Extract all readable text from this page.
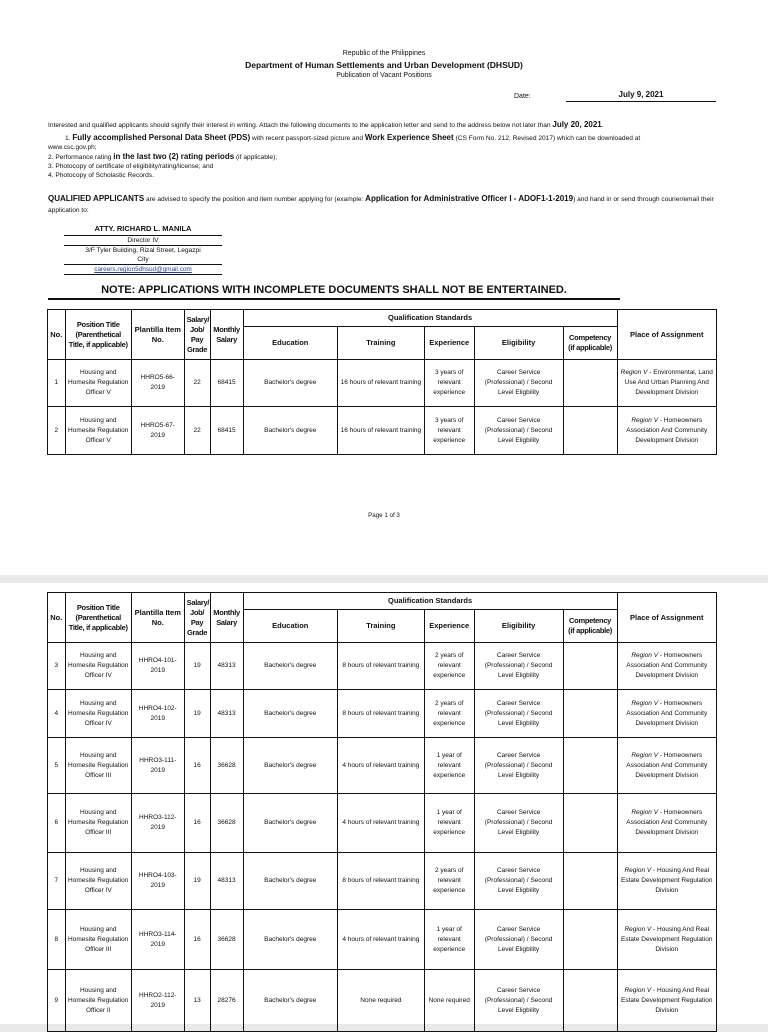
Republic of the Philippines
Department of Human Settlements and Urban Development (DHSUD)
Publication of Vacant Positions
Date:	July 9, 2021
Interested and qualified applicants should signify their interest in writing. Attach the following documents to the application letter and send to the address below not later than July 20, 2021.
1. Fully accomplished Personal Data Sheet (PDS) with recent passport-sized picture and Work Experience Sheet (CS Form No. 212, Revised 2017) which can be downloaded at
www.csc.gov.ph;
2. Performance rating in the last two (2) rating periods (if applicable);
3. Photocopy of certificate of eligibility/rating/license; and
4. Photocopy of Scholastic Records.
QUALIFIED APPLICANTS are advised to specify the position and item number applying for (example: Application for Administrative Officer I - ADOF1-1-2019) and hand in or send through courier/email their application to:
ATTY. RICHARD L. MANILA
Director IV
3/F Tyler Building, Rizal Street, Legazpi
City
careers.region5dhsud@gmail.com
NOTE: APPLICATIONS WITH INCOMPLETE DOCUMENTS SHALL NOT BE ENTERTAINED.
No.	Position Title (Parenthetical Title, if applicable)	Plantilla Item No.	Salary/ Job/ Pay Grade	Monthly Salary	Qualification Standards					Place of Assignment
					Education	Training	Experience	Eligibility	Competency (if applicable)	
1	Housing and Homesite Regulation Officer V	HHRO5-66-2019	22	68415	Bachelor's degree	16 hours of relevant training	3 years of relevant experience	Career Service (Professional) / Second Level Eligbility		Region V - Environmental, Land Use And Urban Planning And Development Division
2	Housing and Homesite Regulation Officer V	HHRO5-67-2019	22	68415	Bachelor's degree	16 hours of relevant training	3 years of relevant experience	Career Service (Professional) / Second Level Eligbility		Region V - Homeowners Association And Community Development Division
Page 1 of 3
No.	Position Title (Parenthetical Title, if applicable)	Plantilla Item No.	Salary/ Job/ Pay Grade	Monthly Salary	Qualification Standards					Place of Assignment
					Education	Training	Experience	Eligibility	Competency (if applicable)	
3	Housing and Homesite Regulation Officer IV	HHRO4-101-2019	19	48313	Bachelor's degree	8 hours of relevant training	2 years of relevant experience	Career Service (Professional) / Second Level Eligbility		Region V - Homeowners Association And Community Development Division
4	Housing and Homesite Regulation Officer IV	HHRO4-102-2019	19	48313	Bachelor's degree	8 hours of relevant training	2 years of relevant experience	Career Service (Professional) / Second Level Eligbility		Region V - Homeowners Association And Community Development Division
5	Housing and Homesite Regulation Officer III	HHRO3-111-2019	16	36628	Bachelor's degree	4 hours of relevant training	1 year of relevant experience	Career Service (Professional) / Second Level Eligbility		Region V - Homeowners Association And Community Development Division
6	Housing and Homesite Regulation Officer III	HHRO3-112-2019	16	36628	Bachelor's degree	4 hours of relevant training	1 year of relevant experience	Career Service (Professional) / Second Level Eligbility		Region V - Homeowners Association And Community Development Division
7	Housing and Homesite Regulation Officer IV	HHRO4-103-2019	19	48313	Bachelor's degree	8 hours of relevant training	2 years of relevant experience	Career Service (Professional) / Second Level Eligbility		Region V - Housing And Real Estate Development Regulation Division
8	Housing and Homesite Regulation Officer III	HHRO3-114-2019	16	36628	Bachelor's degree	4 hours of relevant training	1 year of relevant experience	Career Service (Professional) / Second Level Eligbility		Region V - Housing And Real Estate Development Regulation Division
9	Housing and Homesite Regulation Officer II	HHRO2-112-2019	13	28276	Bachelor's degree	None required	None required	Career Service (Professional) / Second Level Eligbility		Region V - Housing And Real Estate Development Regulation Division
